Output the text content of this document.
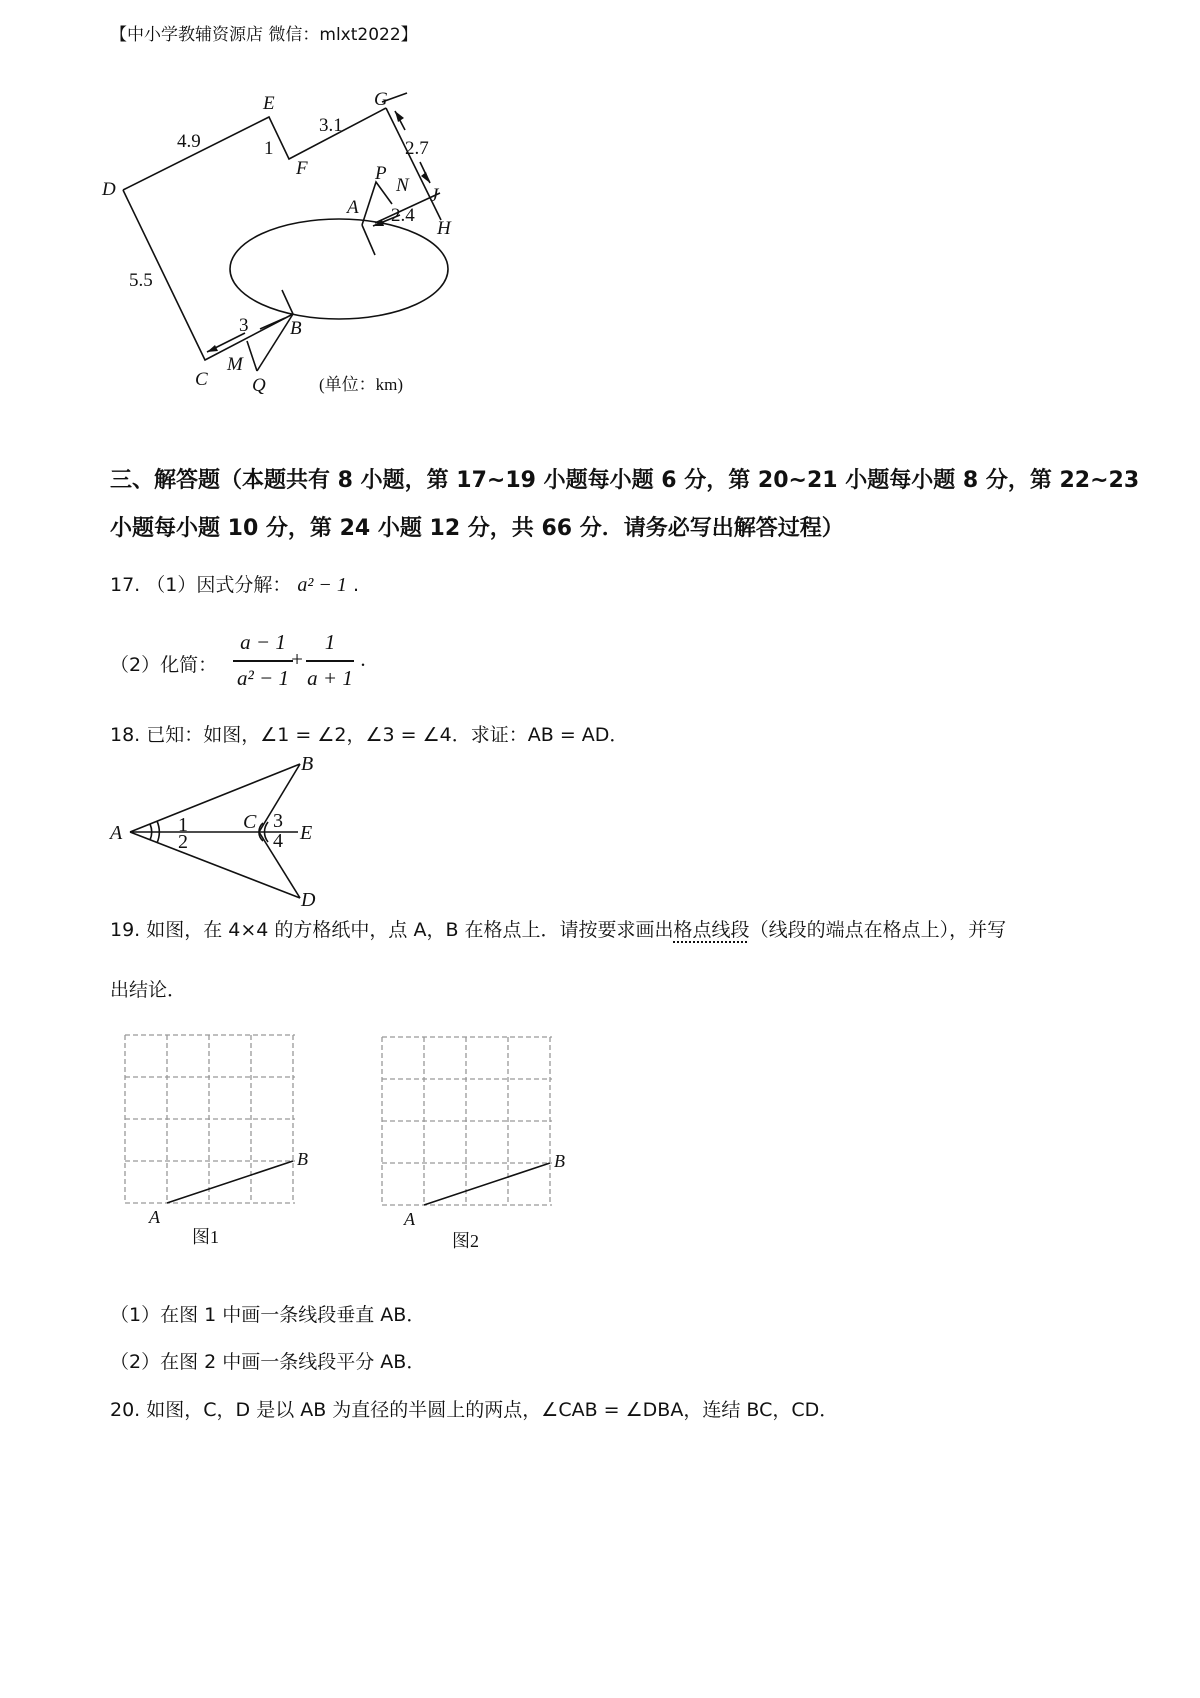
【中小学教辅资源店 微信：mlxt2022】
E	G
D
F	P
N
A
J
H
B
C
M
Q
4.9
3.1
1	2.7
2.4
5.5
3
(单位：km)
三、解答题（本题共有 8 小题，第 17~19 小题每小题 6 分，第 20~21 小题每小题 8 分，第 22~23
小题每小题 10 分，第 24 小题 12 分，共 66 分．请务必写出解答过程）
17. （1）因式分解： a² − 1 .
（2）化简：
a − 1
a² − 1
+
1
a + 1
.
18. 已知：如图，∠1 = ∠2，∠3 = ∠4．求证：AB = AD．
B
A	1
2
C 3
4 E
D
19. 如图，在 4×4 的方格纸中，点 A，B 在格点上．请按要求画出格点线段（线段的端点在格点上），并写
出结论．
A
B
图1
A
B
图2
（1）在图 1 中画一条线段垂直 AB．
（2）在图 2 中画一条线段平分 AB．
20. 如图，C，D 是以 AB 为直径的半圆上的两点，∠CAB = ∠DBA，连结 BC，CD．
